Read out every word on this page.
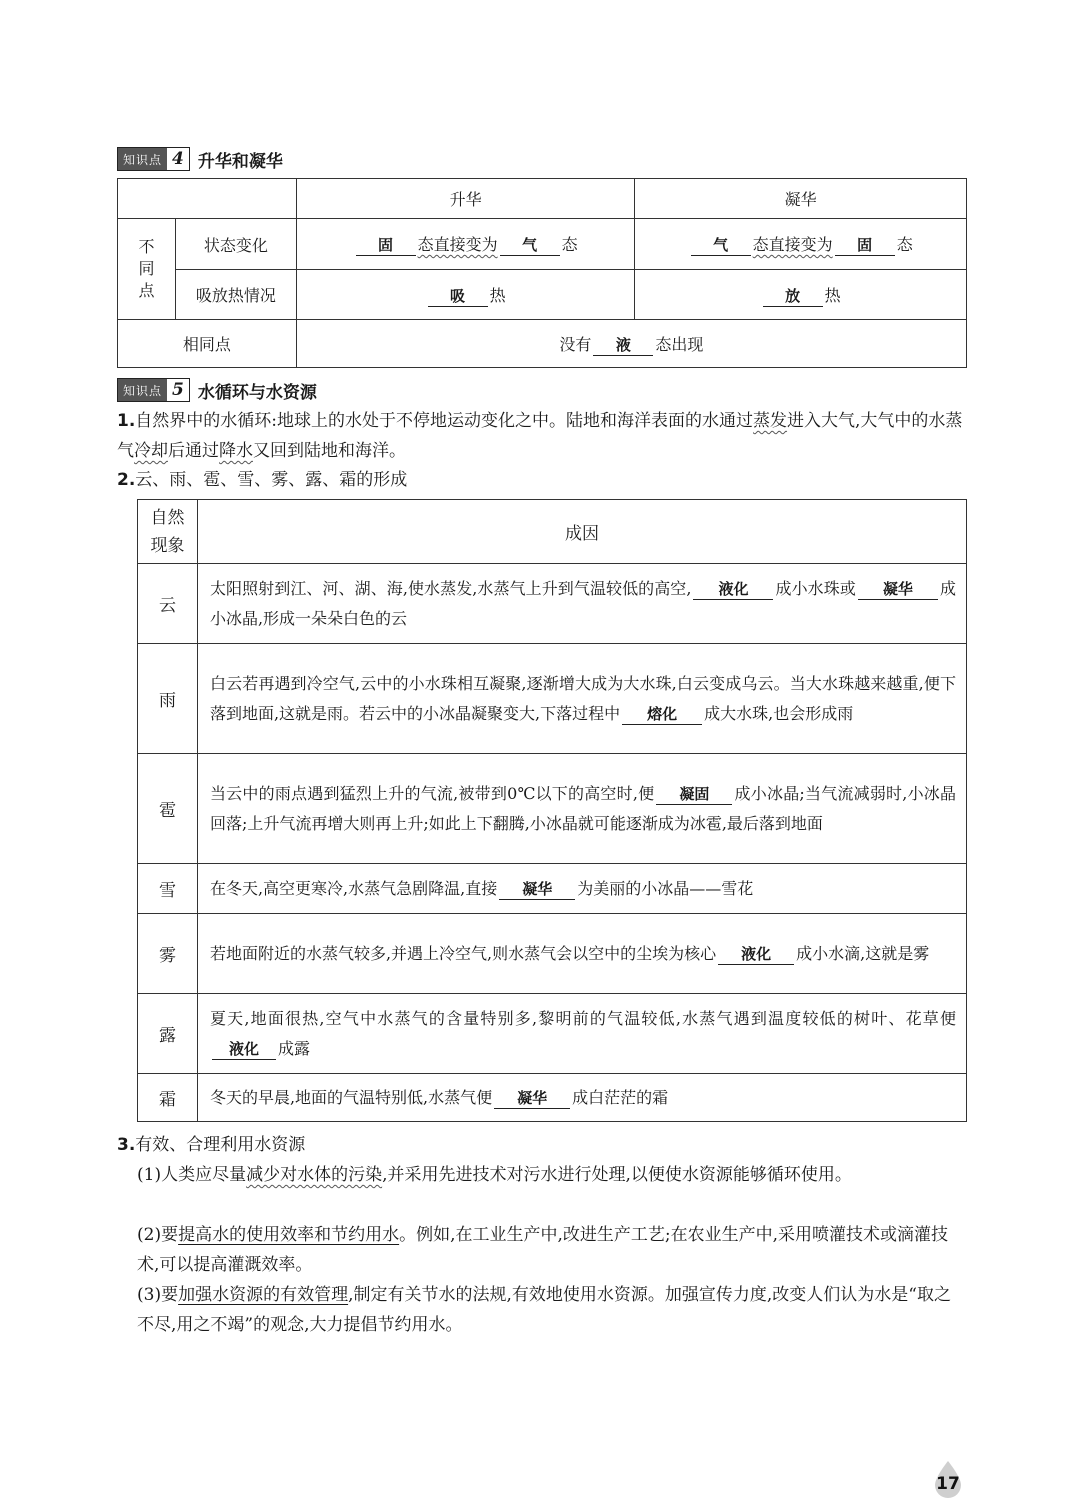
知识点 4 升华和凝华
		升华	凝华

不同点	状态变化	固 态直接变为 气 态	气 态直接变为 固 态
	吸放热情况	吸 热	放 热
相同点		没有 液 态出现	
知识点 5 水循环与水资源
1.自然界中的水循环:地球上的水处于不停地运动变化之中。陆地和海洋表面的水通过蒸发进入大气,大气中的水蒸气冷却后通过降水又回到陆地和海洋。
2.云、雨、雹、雪、雾、露、霜的形成
自然现象	成因
云	太阳照射到江、河、湖、海,使水蒸发,水蒸气上升到气温较低的高空, 液化 成小水珠或 凝华 成小冰晶,形成一朵朵白色的云
雨	白云若再遇到冷空气,云中的小水珠相互凝聚,逐渐增大成为大水珠,白云变成乌云。当大水珠越来越重,便下落到地面,这就是雨。若云中的小冰晶凝聚变大,下落过程中 熔化 成大水珠,也会形成雨
雹	当云中的雨点遇到猛烈上升的气流,被带到0℃以下的高空时,便 凝固 成小冰晶;当气流减弱时,小冰晶回落;上升气流再增大则再上升;如此上下翻腾,小冰晶就可能逐渐成为冰雹,最后落到地面
雪	在冬天,高空更寒冷,水蒸气急剧降温,直接 凝华 为美丽的小冰晶——雪花
雾	若地面附近的水蒸气较多,并遇上冷空气,则水蒸气会以空中的尘埃为核心 液化 成小水滴,这就是雾
露	夏天,地面很热,空气中水蒸气的含量特别多,黎明前的气温较低,水蒸气遇到温度较低的树叶、花草便液化 成露
霜	冬天的早晨,地面的气温特别低,水蒸气便 凝华 成白茫茫的霜
3.有效、合理利用水资源
(1)人类应尽量减少对水体的污染,并采用先进技术对污水进行处理,以便使水资源能够循环使用。
(2)要提高水的使用效率和节约用水。例如,在工业生产中,改进生产工艺;在农业生产中,采用喷灌技术或滴灌技术,可以提高灌溉效率。
(3)要加强水资源的有效管理,制定有关节水的法规,有效地使用水资源。加强宣传力度,改变人们认为水是“取之不尽,用之不竭”的观念,大力提倡节约用水。
17
